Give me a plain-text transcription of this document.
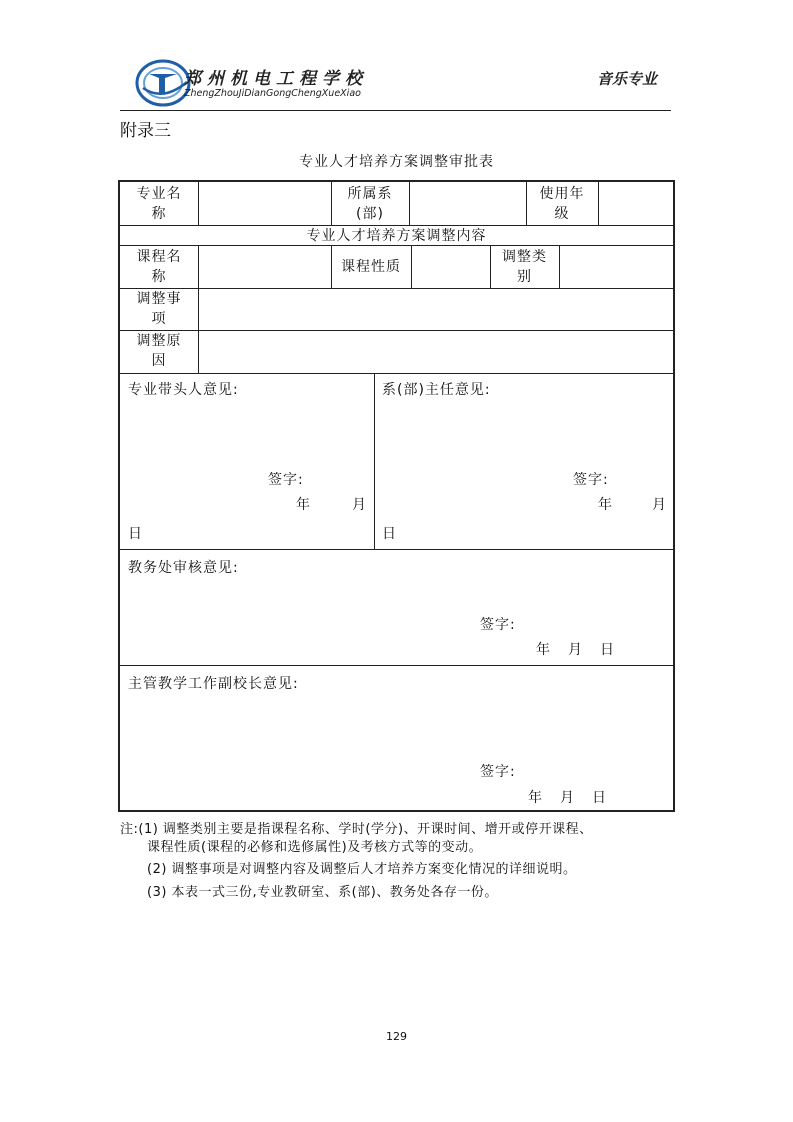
郑州机电工程学校
ZhengZhouJiDianGongChengXueXiao
音乐专业
附录三
专业人才培养方案调整审批表
专业名
称
所属系
(部)
使用年
级
专业人才培养方案调整内容
课程名
称
课程性质
调整类
别
调整事
项
调整原
因
专业带头人意见:
签字:
年	月
日
系(部)主任意见:
签字:
年	月
日
教务处审核意见:
签字:
年 月 日
主管教学工作副校长意见:
签字:
年 月 日
注:(1) 调整类别主要是指课程名称、学时(学分)、开课时间、增开或停开课程、
课程性质(课程的必修和选修属性)及考核方式等的变动。
(2) 调整事项是对调整内容及调整后人才培养方案变化情况的详细说明。
(3) 本表一式三份,专业教研室、系(部)、教务处各存一份。
129
